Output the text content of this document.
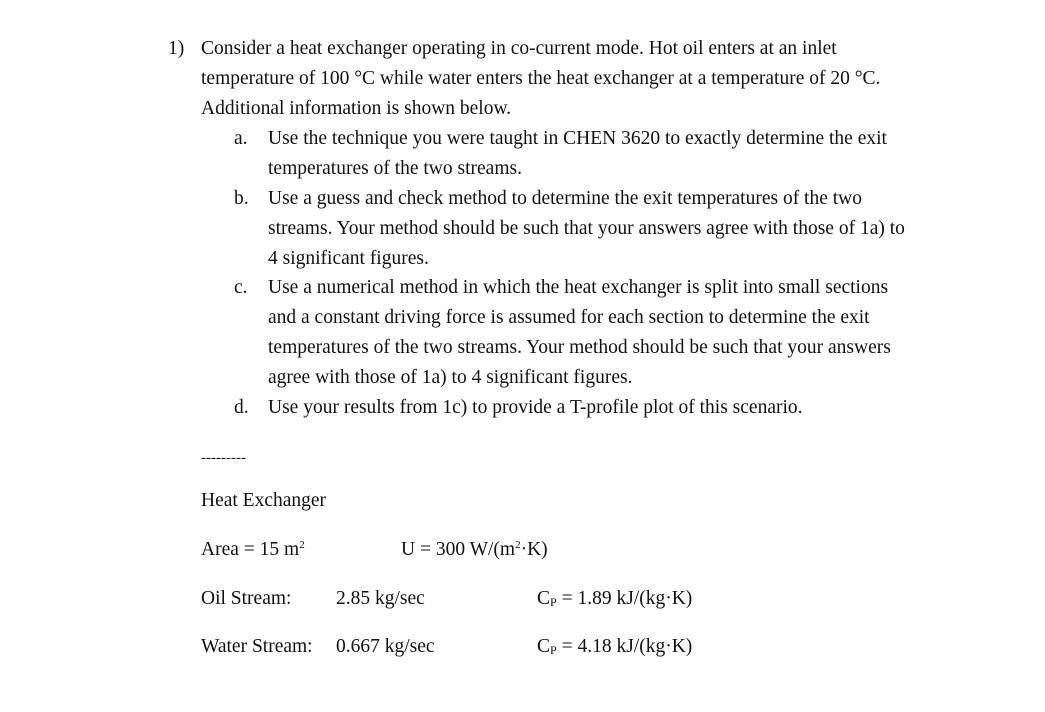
1) Consider a heat exchanger operating in co-current mode. Hot oil enters at an inlet
temperature of 100 °C while water enters the heat exchanger at a temperature of 20 °C.
Additional information is shown below.
a. Use the technique you were taught in CHEN 3620 to exactly determine the exit
temperatures of the two streams.
b. Use a guess and check method to determine the exit temperatures of the two
streams. Your method should be such that your answers agree with those of 1a) to
4 significant figures.
c. Use a numerical method in which the heat exchanger is split into small sections
and a constant driving force is assumed for each section to determine the exit
temperatures of the two streams. Your method should be such that your answers
agree with those of 1a) to 4 significant figures.
d. Use your results from 1c) to provide a T-profile plot of this scenario.
---------
Heat Exchanger
Area = 15 $m^2$	U = 300 $W/(m^2\cdot K)$
Oil Stream: 2.85 kg/sec	CP = 1.89 kJ/(kg·K)
Water Stream: 0.667 kg/sec	CP = 4.18 kJ/(kg·K)
